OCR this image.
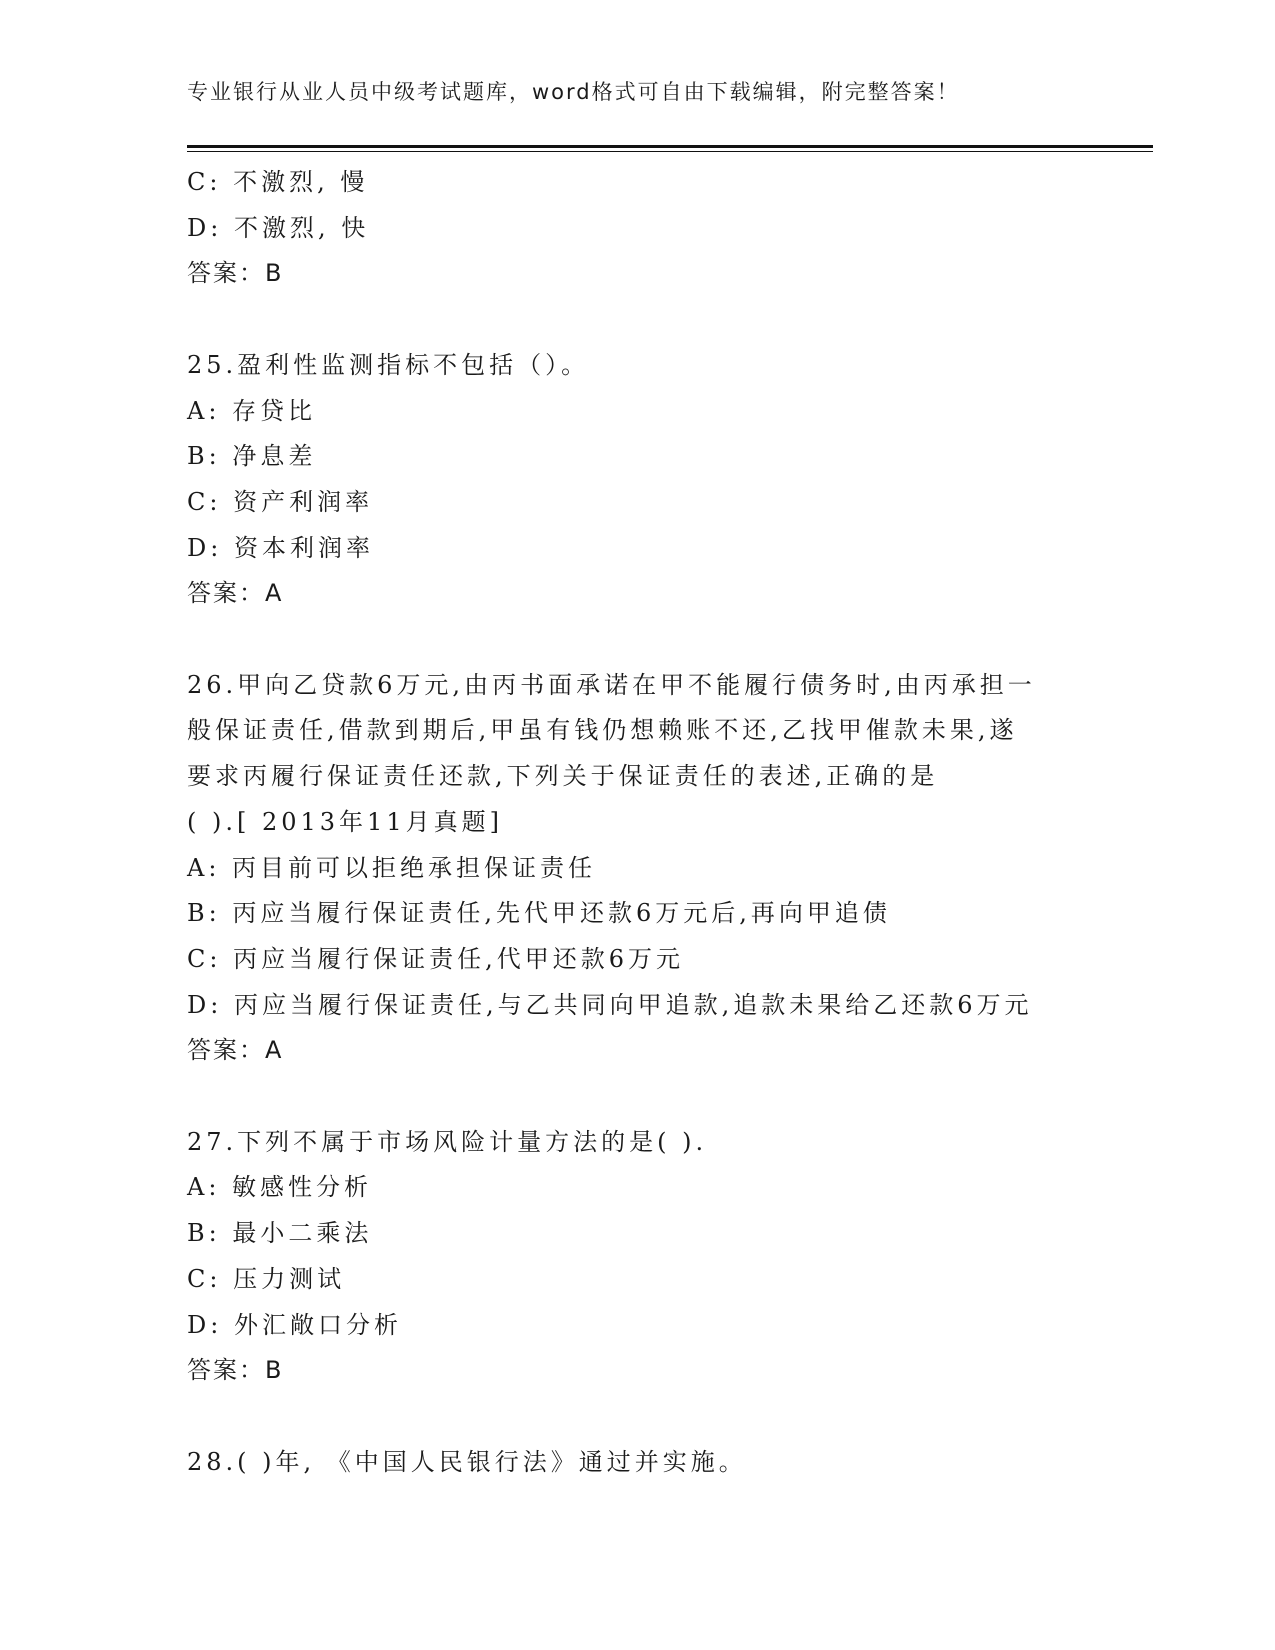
专业银行从业人员中级考试题库，word格式可自由下载编辑，附完整答案！
C: 不激烈, 慢
D: 不激烈, 快
答案：B
25.盈利性监测指标不包括（）。
A: 存贷比
B: 净息差
C: 资产利润率
D: 资本利润率
答案：A
26.甲向乙贷款6万元,由丙书面承诺在甲不能履行债务时,由丙承担一
般保证责任,借款到期后,甲虽有钱仍想赖账不还,乙找甲催款未果,遂
要求丙履行保证责任还款,下列关于保证责任的表述,正确的是
( ).[ 2013年11月真题]
A: 丙目前可以拒绝承担保证责任
B: 丙应当履行保证责任,先代甲还款6万元后,再向甲追债
C: 丙应当履行保证责任,代甲还款6万元
D: 丙应当履行保证责任,与乙共同向甲追款,追款未果给乙还款6万元
答案：A
27.下列不属于市场风险计量方法的是( ).
A: 敏感性分析
B: 最小二乘法
C: 压力测试
D: 外汇敞口分析
答案：B
28.( )年, 《中国人民银行法》通过并实施。
